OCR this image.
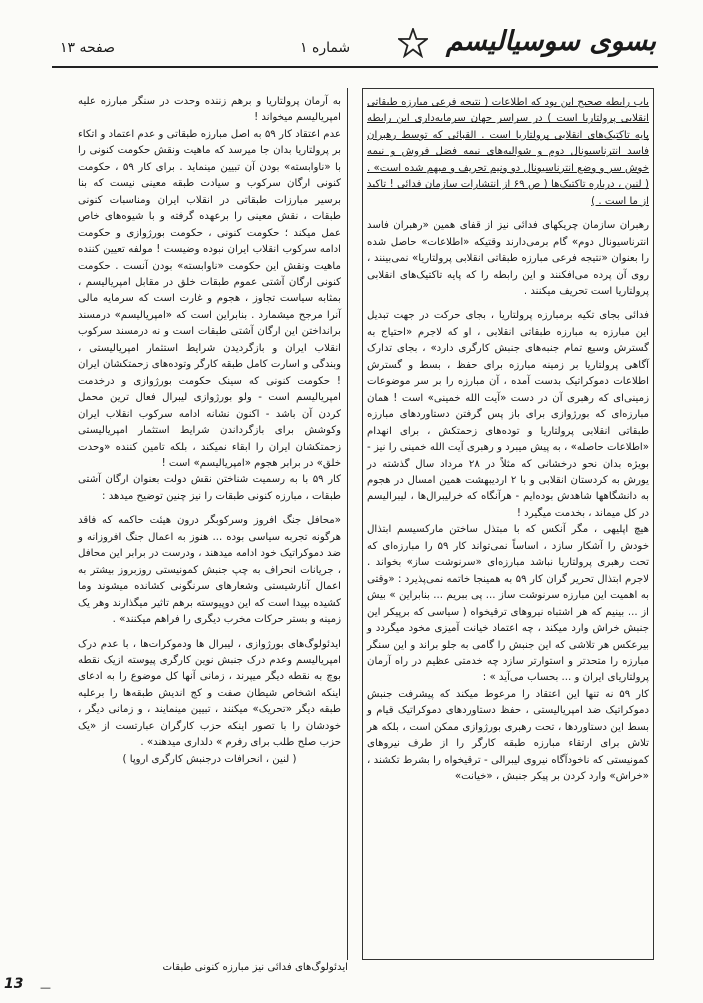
بسوی سوسیالیسم
شماره ۱
صفحه ۱۳

باب رابطه صحیح این بود که اطلاعات ( نتیجه فرعی مبارزه طبقاتی انقلابی پرولتاریا است ) در سراسر جهان سرمایه‌داری این رابطه پایه تاکتیک‌های انقلابی پرولتاریا است . القبائی که توسط رهبران فاسد انترناسیونال دوم و شوالیه‌های نیمه فضل فروش و نیمه خوش سر و وضع انترناسیونال دو ونیم تحریف و مبهم شده است» . ( لنین ، درباره تاکتیک‌ها ( ص ۶۹ از انتشارات سازمان فدائی ! تاکید از ما است . )

رهبران سازمان چریکهای فدائی نیز از قفای همین «رهبران فاسد انترناسیونال دوم» گام برمی‌دارند وقتیکه «اطلاعات» حاصل شده را بعنوان «نتیجه فرعی مبارزه طبقاتی انقلابی پرولتاریا» نمی‌بینند ، روی آن پرده می‌افکنند و این رابطه را که پایه تاکتیک‌های انقلابی پرولتاریا است تحریف میکنند .

فدائی بجای تکیه برمبارزه پرولتاریا ، بجای حرکت در جهت تبدیل این مبارزه به مبارزه طبقاتی انقلابی ، او که لاجرم «احتیاج به گسترش وسیع تمام جنبه‌های جنبش کارگری دارد» ، بجای تدارک آگاهی پرولتاریا بر زمینه مبارزه برای حفظ ، بسط و گسترش اطلاعات دموکراتیک بدست آمده ، آن مبارزه را بر سر موضوعات زمینی‌ای که رهبری آن در دست «آیت الله خمینی» است ! همان مبارزه‌ای که بورژوازی برای باز پس گرفتن دستاوردهای مبارزه طبقاتی انقلابی پرولتاریا و توده‌های زحمتکش ، برای انهدام «اطلاعات حاصله» ، به پیش میبرد و رهبری آیت الله خمینی را نیز - بویژه بدان نحو درخشانی که مثلاً در ۲۸ مرداد سال گذشته در یورش به کردستان انقلابی و با ۲ اردیبهشت همین امسال در هجوم به دانشگاهها شاهدش بوده‌ایم - هرآنگاه که خرلیبرال‌ها ، لیبرالیسم در کل میماند ، بخدمت میگیرد !

هیچ اپلیهی ، مگر آنکس که با مبتذل ساختن مارکسیسم ابتذال خودش را آشکار سازد ، اساساً نمی‌تواند کار ۵۹ را مبارزه‌ای که تحت رهبری پرولتاریا نباشد مبارزه‌ای «سرنوشت ساز» بخواند . لاجرم ابتذال تحریر گران کار ۵۹ به همینجا خاتمه نمی‌پذیرد : «وقتی به اهمیت این مبارزه سرنوشت ساز ... پی ببریم ... بنابراین » بیش از ... بینیم که هر اشتباه نیروهای ترقیخواه ( سیاسی که برپیکر این جنبش خراش وارد میکند ، چه اعتماد خیانت آمیزی مخود میگردد و بیرعکس هر تلاشی که این جنبش را گامی به جلو براند و این سنگر مبارزه را متحدتر و استوارتر سازد چه خدمتی عظیم در راه آرمان پرولتاریای ایران و ... بحساب می‌آید » :

کار ۵۹ نه تنها این اعتقاد را مرعوط میکند که پیشرفت جنبش دموکراتیک ضد امپریالیستی ، حفظ دستاوردهای دموکراتیک قیام و بسط این دستاوردها ، تحت رهبری بورژوازی ممکن است ، بلکه هر تلاش برای ارتقاء مبارزه طبقه کارگر را از طرف نیروهای کمونیستی که ناخودآگاه نیروی لیبرالی - ترقیخواه را بشرط تکشند ، «خراش» وارد کردن بر پیکر جنبش ، «خیانت»

به آرمان پرولتاریا و برهم زننده وحدت در سنگر مبارزه علیه امپریالیسم میخواند !

عدم اعتقاد کار ۵۹ به اصل مبارزه طبقاتی و عدم اعتماد و اتکاء بر پرولتاریا بدان جا میرسد که ماهیت ونقش حکومت کنونی را با «ناوابسته» بودن آن تبیین مینماید . برای کار ۵۹ ، حکومت کنونی ارگان سرکوب و سیادت طبقه معینی نیست که بنا برسیر مبارزات طبقاتی در انقلاب ایران ومناسبات کنونی طبقات ، نقش معینی را برعهده گرفته و با شیوه‌های خاص عمل میکند ؛ حکومت کنونی ، حکومت بورژوازی و حکومت ادامه سرکوب انقلاب ایران نبوده وضیست ! مولفه تعیین کننده ماهیت ونقش این حکومت «ناوابسته» بودن آنست . حکومت کنونی ارگان آشتی عموم طبقات خلق در مقابل امپریالیسم ، بمثابه سیاست تجاوز ، هجوم و غارت است که سرمایه مالی آنرا مرجح میشمارد . بنابراین است که «امپریالیسم» درمسند برانداختن این ارگان آشتی طبقات است و نه درمسند سرکوب انقلاب ایران و بازگردیدن شرایط استثمار امپریالیستی ، وبندگی و اسارت کامل طبقه کارگر وتوده‌های زحمتکشان ایران ! حکومت کنونی که سینک حکومت بورژوازی و درخدمت امپریالیسم است - ولو بورژوازی لیبرال فعال ترین محمل کردن آن باشد - اکنون نشانه ادامه سرکوب انقلاب ایران وکوشش برای بازگرداندن شرایط استثمار امپریالیستی زحمتکشان ایران را ابقاء نمیکند ، بلکه تامین کننده «وحدت خلق» در برابر هجوم «امپریالیسم» است !

کار ۵۹ با به رسمیت شناختن نقش دولت بعنوان ارگان آشتی طبقات ، مبارزه کنونی طبقات را نیز چنین توضیح میدهد :

«محافل جنگ افروز وسرکوبگر درون هیئت حاکمه که فاقد هرگونه تجربه سیاسی بوده ... هنوز به اعمال جنگ افروزانه و ضد دموکراتیک خود ادامه میدهند ، ودرست در برابر این محافل ، جریانات انحراف به چپ جنبش کمونیستی روزبروز بیشتر به اعمال آنارشیستی وشعارهای سرنگونی کشانده میشوند وما کشیده بپیدا است که این دوپیوسته برهم تاثیر میگذارند وهر یک زمینه و بستر حرکات مخرب دیگری را فراهم میکنند» .

ایدئولوگ‌های بورژوازی ، لیبرال ها ودموکرات‌ها ، با عدم درک امپریالیسم وعدم درک جنبش نوین کارگری پیوسته ازیک نقطه بوچ به نقطه دیگر میپرند ، زمانی آنها کل موضوع را به ادعای اینکه اشخاص شیطان صفت و کج اندیش طبقه‌ها را برعلیه طبقه دیگر «تحریک» میکنند ، تبیین مینمایند ، و زمانی دیگر ، خودشان را با تصور اینکه حزب کارگران عبارتست از «یک حزب صلح طلب برای رفرم » دلداری میدهند» .

( لنین ، انحرافات درجنبش کارگری اروپا )

ایدئولوگ‌های فدائی نیز مبارزه کنونی طبقات
13 —
